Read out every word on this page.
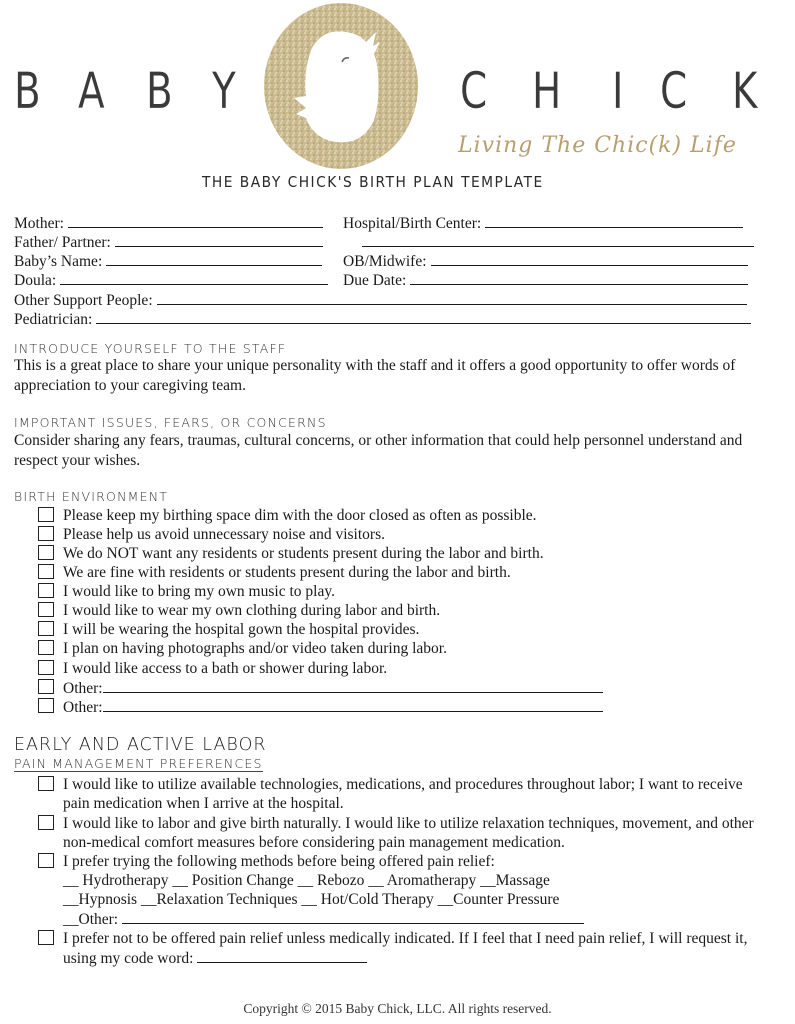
B A B Y	C H I C K
Living The Chic(k) Life
THE BABY CHICK'S BIRTH PLAN TEMPLATE
Mother:
Father/ Partner:
Baby’s Name:
Doula:
Hospital/Birth Center:
OB/Midwife:
Due Date:
Other Support People:
Pediatrician:
INTRODUCE YOURSELF TO THE STAFF
This is a great place to share your unique personality with the staff and it offers a good opportunity to offer words of appreciation to your caregiving team.
IMPORTANT ISSUES, FEARS, OR CONCERNS
Consider sharing any fears, traumas, cultural concerns, or other information that could help personnel understand and respect your wishes.
BIRTH ENVIRONMENT
Please keep my birthing space dim with the door closed as often as possible.
Please help us avoid unnecessary noise and visitors.
We do NOT want any residents or students present during the labor and birth.
We are fine with residents or students present during the labor and birth.
I would like to bring my own music to play.
I would like to wear my own clothing during labor and birth.
I will be wearing the hospital gown the hospital provides.
I plan on having photographs and/or video taken during labor.
I would like access to a bath or shower during labor.
Other:
Other:
EARLY AND ACTIVE LABOR
PAIN MANAGEMENT PREFERENCES
I would like to utilize available technologies, medications, and procedures throughout labor; I want to receive pain medication when I arrive at the hospital.
I would like to labor and give birth naturally. I would like to utilize relaxation techniques, movement, and other non-medical comfort measures before considering pain management medication.
I prefer trying the following methods before being offered pain relief:
__ Hydrotherapy __ Position Change __ Rebozo __ Aromatherapy __Massage
__Hypnosis __Relaxation Techniques __ Hot/Cold Therapy __Counter Pressure
__Other:
I prefer not to be offered pain relief unless medically indicated. If I feel that I need pain relief, I will request it, using my code word:
Copyright © 2015 Baby Chick, LLC. All rights reserved.
